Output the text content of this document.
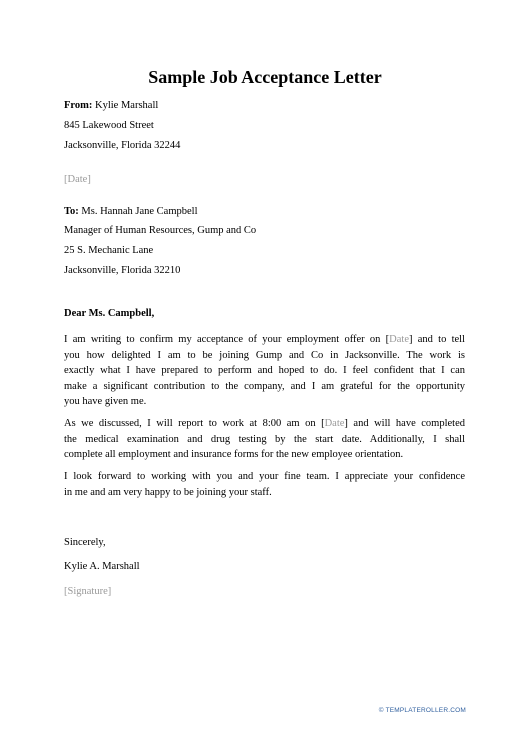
Sample Job Acceptance Letter
From: Kylie Marshall
845 Lakewood Street
Jacksonville, Florida 32244
[Date]
To: Ms. Hannah Jane Campbell
Manager of Human Resources, Gump and Co
25 S. Mechanic Lane
Jacksonville, Florida 32210
Dear Ms. Campbell,
I am writing to confirm my acceptance of your employment offer on [Date] and to tell
you how delighted I am to be joining Gump and Co in Jacksonville. The work is
exactly what I have prepared to perform and hoped to do. I feel confident that I can
make a significant contribution to the company, and I am grateful for the opportunity
you have given me.
As we discussed, I will report to work at 8:00 am on [Date] and will have completed
the medical examination and drug testing by the start date. Additionally, I shall
complete all employment and insurance forms for the new employee orientation.
I look forward to working with you and your fine team. I appreciate your confidence
in me and am very happy to be joining your staff.
Sincerely,
Kylie A. Marshall
[Signature]
© TEMPLATEROLLER.COM
